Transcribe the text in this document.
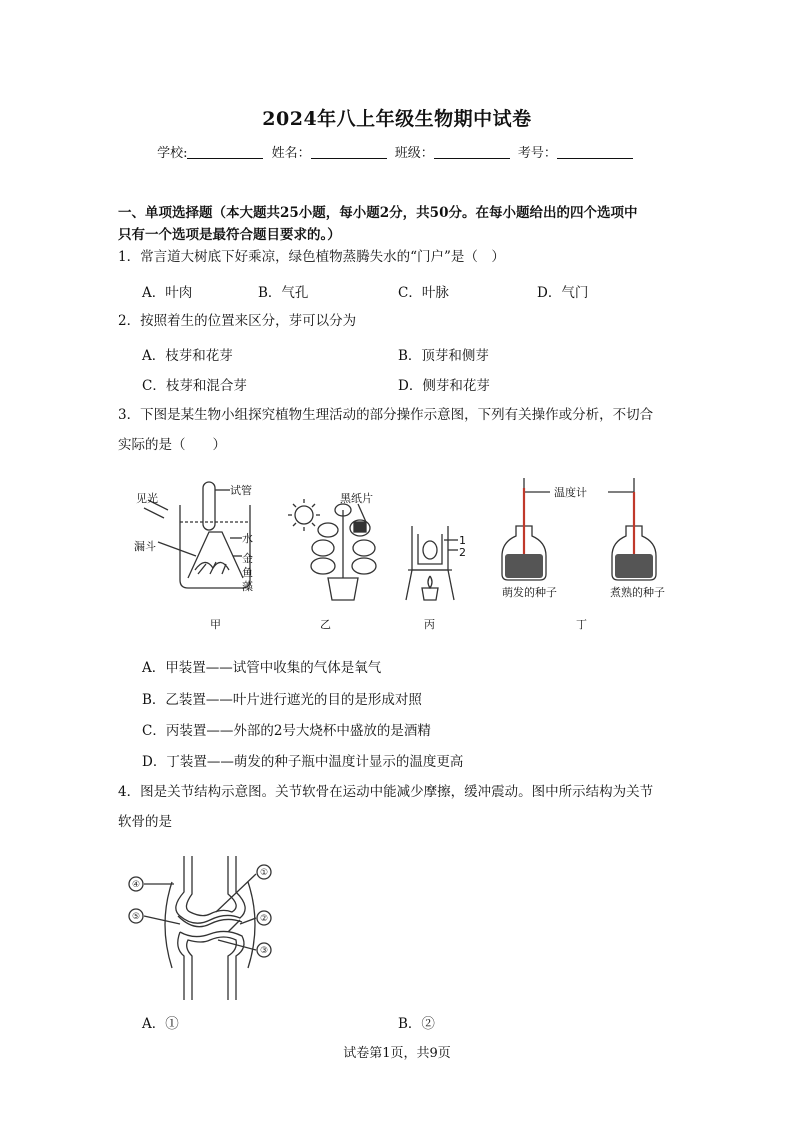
2024年八上年级生物期中试卷
学校:	姓名：	班级：	考号：
一、单项选择题（本大题共25小题，每小题2分，共50分。在每小题给出的四个选项中
只有一个选项是最符合题目要求的。）
1．常言道大树底下好乘凉，绿色植物蒸腾失水的“门户”是（　）
A．叶肉	B．气孔	C．叶脉	D．气门
2．按照着生的位置来区分，芽可以分为
A．枝芽和花芽	B．顶芽和侧芽
C．枝芽和混合芽	D．侧芽和花芽
3．下图是某生物小组探究植物生理活动的部分操作示意图，下列有关操作或分析，不切合
实际的是（　　）
见光
试管
漏斗
水
金
鱼
藻
黑纸片
1
2
温度计
萌发的种子	煮熟的种子
甲	乙	丙	丁
A．甲装置——试管中收集的气体是氧气
B．乙装置——叶片进行遮光的目的是形成对照
C．丙装置——外部的2号大烧杯中盛放的是酒精
D．丁装置——萌发的种子瓶中温度计显示的温度更高
4．图是关节结构示意图。关节软骨在运动中能减少摩擦，缓冲震动。图中所示结构为关节
软骨的是
④
⑤
①
②
③
A．①	B．②
试卷第1页，共9页
